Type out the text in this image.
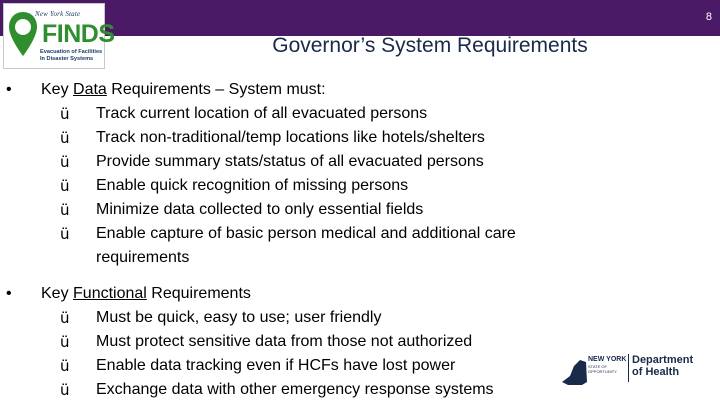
8
New York State
FINDS
Evacuation of Facilities
In Disaster Systems
Governor’s System Requirements
• Key Data Requirements – System must:
ü Track current location of all evacuated persons
ü Track non-traditional/temp locations like hotels/shelters
ü Provide summary stats/status of all evacuated persons
ü Enable quick recognition of missing persons
ü Minimize data collected to only essential fields
ü Enable capture of basic person medical and additional care
requirements
• Key Functional Requirements
ü Must be quick, easy to use; user friendly
ü Must protect sensitive data from those not authorized
ü Enable data tracking even if HCFs have lost power
ü Exchange data with other emergency response systems
NEW YORK
STATE OF
OPPORTUNITY.
Department
of Health
